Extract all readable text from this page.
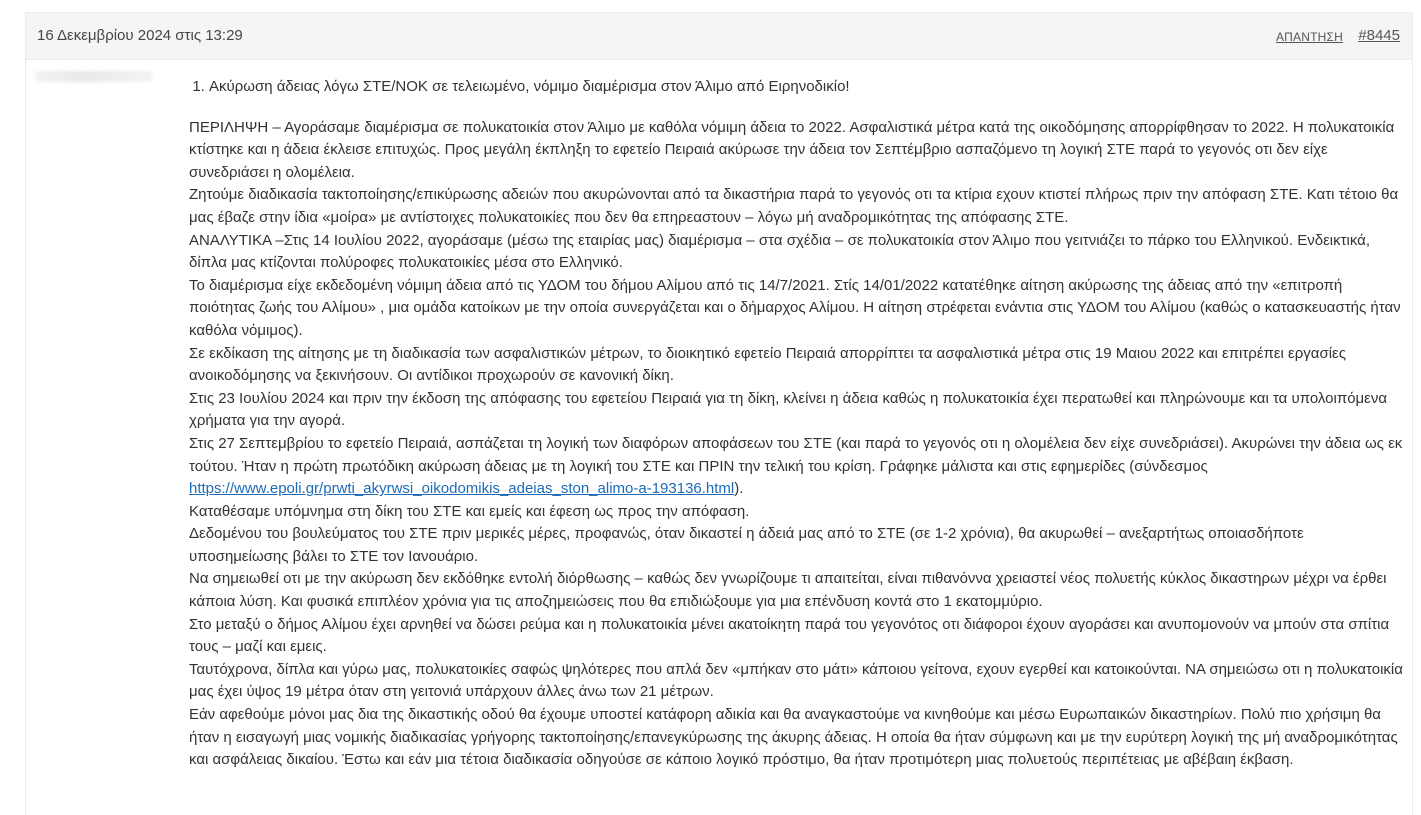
16 Δεκεμβρίου 2024 στις 13:29	ΑΠΑΝΤΗΣΗ #8445
1. Ακύρωση άδειας λόγω ΣΤΕ/ΝΟΚ σε τελειωμένο, νόμιμο διαμέρισμα στον Άλιμο από Ειρηνοδικίο!

ΠΕΡΙΛΗΨΗ – Αγοράσαμε διαμέρισμα σε πολυκατοικία στον Άλιμο με καθόλα νόμιμη άδεια το 2022. Ασφαλιστικά μέτρα κατά της οικοδόμησης απορρίφθησαν το 2022. Η πολυκατοικία κτίστηκε και η άδεια έκλεισε επιτυχώς. Προς μεγάλη έκπληξη το εφετείο Πειραιά ακύρωσε την άδεια τον Σεπτέμβριο ασπαζόμενο τη λογική ΣΤΕ παρά το γεγονός οτι δεν είχε συνεδριάσει η ολομέλεια.

Ζητούμε διαδικασία τακτοποίησης/επικύρωσης αδειών που ακυρώνονται από τα δικαστήρια παρά το γεγονός οτι τα κτίρια εχουν κτιστεί πλήρως πριν την απόφαση ΣΤΕ. Κατι τέτοιο θα μας έβαζε στην ίδια «μοίρα» με αντίστοιχες πολυκατοικίες που δεν θα επηρεαστουν – λόγω μή αναδρομικότητας της απόφασης ΣΤΕ.

ΑΝΑΛΥΤΙΚΑ –Στις 14 Ιουλίου 2022, αγοράσαμε (μέσω της εταιρίας μας) διαμέρισμα – στα σχέδια – σε πολυκατοικία στον Άλιμο που γειτνιάζει το πάρκο του Ελληνικού. Ενδεικτικά, δίπλα μας κτίζονται πολύροφες πολυκατοικίες μέσα στο Ελληνικό.

Το διαμέρισμα είχε εκδεδομένη νόμιμη άδεια από τις ΥΔΟΜ του δήμου Αλίμου από τις 14/7/2021. Στίς 14/01/2022 κατατέθηκε αίτηση ακύρωσης της άδειας από την «επιτροπή ποιότητας ζωής του Αλίμου» , μια ομάδα κατοίκων με την οποία συνεργάζεται και ο δήμαρχος Αλίμου. Η αίτηση στρέφεται ενάντια στις ΥΔΟΜ του Αλίμου (καθώς ο κατασκευαστής ήταν καθόλα νόμιμος).

Σε εκδίκαση της αίτησης με τη διαδικασία των ασφαλιστικών μέτρων, το διοικητικό εφετείο Πειραιά απορρίπτει τα ασφαλιστικά μέτρα στις 19 Μαιου 2022 και επιτρέπει εργασίες ανοικοδόμησης να ξεκινήσουν. Οι αντίδικοι προχωρούν σε κανονική δίκη.

Στις 23 Ιουλίου 2024 και πριν την έκδοση της απόφασης του εφετείου Πειραιά για τη δίκη, κλείνει η άδεια καθώς η πολυκατοικία έχει περατωθεί και πληρώνουμε και τα υπολοιπόμενα χρήματα για την αγορά.

Στις 27 Σεπτεμβρίου το εφετείο Πειραιά, ασπάζεται τη λογική των διαφόρων αποφάσεων του ΣΤΕ (και παρά το γεγονός οτι η ολομέλεια δεν είχε συνεδριάσει). Ακυρώνει την άδεια ως εκ τούτου. Ήταν η πρώτη πρωτόδικη ακύρωση άδειας με τη λογική του ΣΤΕ και ΠΡΙΝ την τελική του κρίση. Γράφηκε μάλιστα και στις εφημερίδες (σύνδεσμος https://www.epoli.gr/prwti_akyrwsi_oikodomikis_adeias_ston_alimo-a-193136.html).

Καταθέσαμε υπόμνημα στη δίκη του ΣΤΕ και εμείς και έφεση ως προς την απόφαση.

Δεδομένου του βουλεύματος του ΣΤΕ πριν μερικές μέρες, προφανώς, όταν δικαστεί η άδειά μας από το ΣΤΕ (σε 1-2 χρόνια), θα ακυρωθεί – ανεξαρτήτως οποιασδήποτε υποσημείωσης βάλει το ΣΤΕ τον Ιανουάριο.

Να σημειωθεί οτι με την ακύρωση δεν εκδόθηκε εντολή διόρθωσης – καθώς δεν γνωρίζουμε τι απαιτείται, είναι πιθανόννα χρειαστεί νέος πολυετής κύκλος δικαστηρων μέχρι να έρθει κάποια λύση. Και φυσικά επιπλέον χρόνια για τις αποζημειώσεις που θα επιδιώξουμε για μια επένδυση κοντά στο 1 εκατομμύριο.

Στο μεταξύ ο δήμος Αλίμου έχει αρνηθεί να δώσει ρεύμα και η πολυκατοικία μένει ακατοίκητη παρά του γεγονότος οτι διάφοροι έχουν αγοράσει και ανυπομονούν να μπούν στα σπίτια τους – μαζί και εμεις.

Ταυτόχρονα, δίπλα και γύρω μας, πολυκατοικίες σαφώς ψηλότερες που απλά δεν «μπήκαν στο μάτι» κάποιου γείτονα, εχουν εγερθεί και κατοικούνται. ΝΑ σημειώσω οτι η πολυκατοικία μας έχει ύψος 19 μέτρα όταν στη γειτονιά υπάρχουν άλλες άνω των 21 μέτρων.

Εάν αφεθούμε μόνοι μας δια της δικαστικής οδού θα έχουμε υποστεί κατάφορη αδικία και θα αναγκαστούμε να κινηθούμε και μέσω Ευρωπαικών δικαστηρίων. Πολύ πιο χρήσιμη θα ήταν η εισαγωγή μιας νομικής διαδικασίας γρήγορης τακτοποίησης/επανεγκύρωσης της άκυρης άδειας. Η οποία θα ήταν σύμφωνη και με την ευρύτερη λογική της μή αναδρομικότητας και ασφάλειας δικαίου. Έστω και εάν μια τέτοια διαδικασία οδηγούσε σε κάποιο λογικό πρόστιμο, θα ήταν προτιμότερη μιας πολυετούς περιπέτειας με αβέβαιη έκβαση.
